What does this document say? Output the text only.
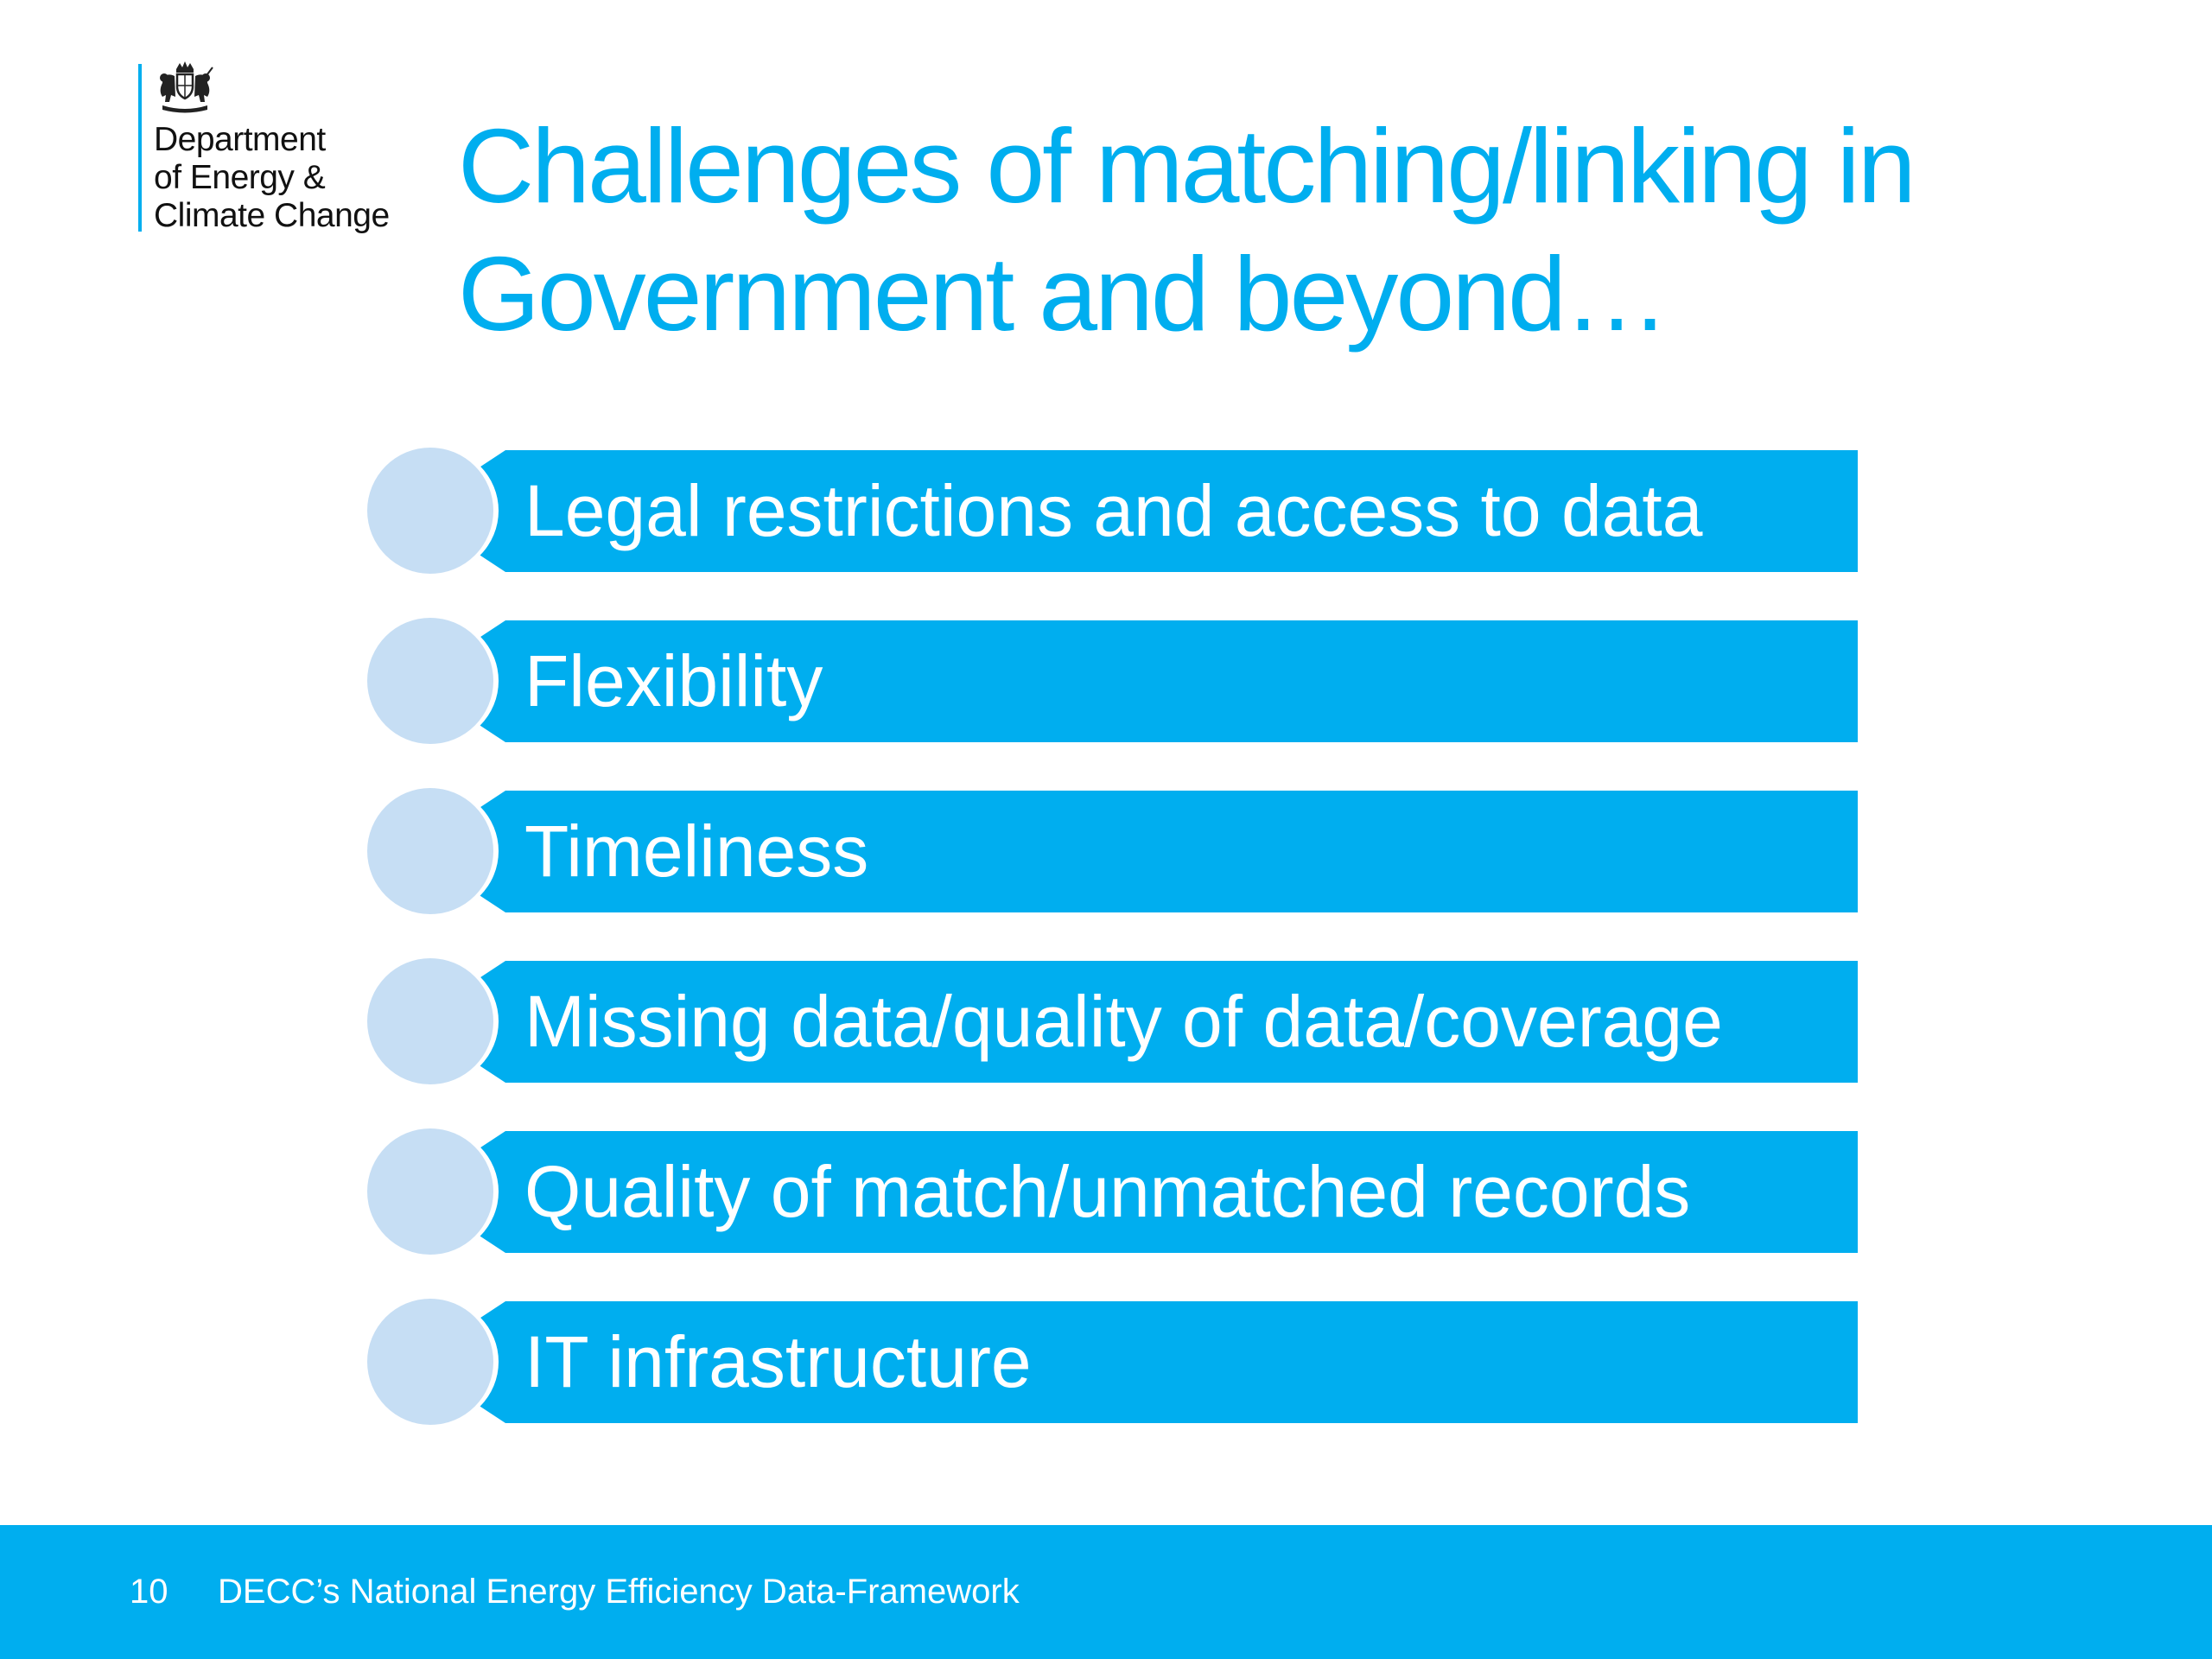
Department
of Energy &
Climate Change Challenges of matching/linking in
Government and beyond…
Legal restrictions and access to data
Flexibility
Timeliness
Missing data/quality of data/coverage
Quality of match/unmatched records
IT infrastructure
10 DECC’s National Energy Efficiency Data-Framework
